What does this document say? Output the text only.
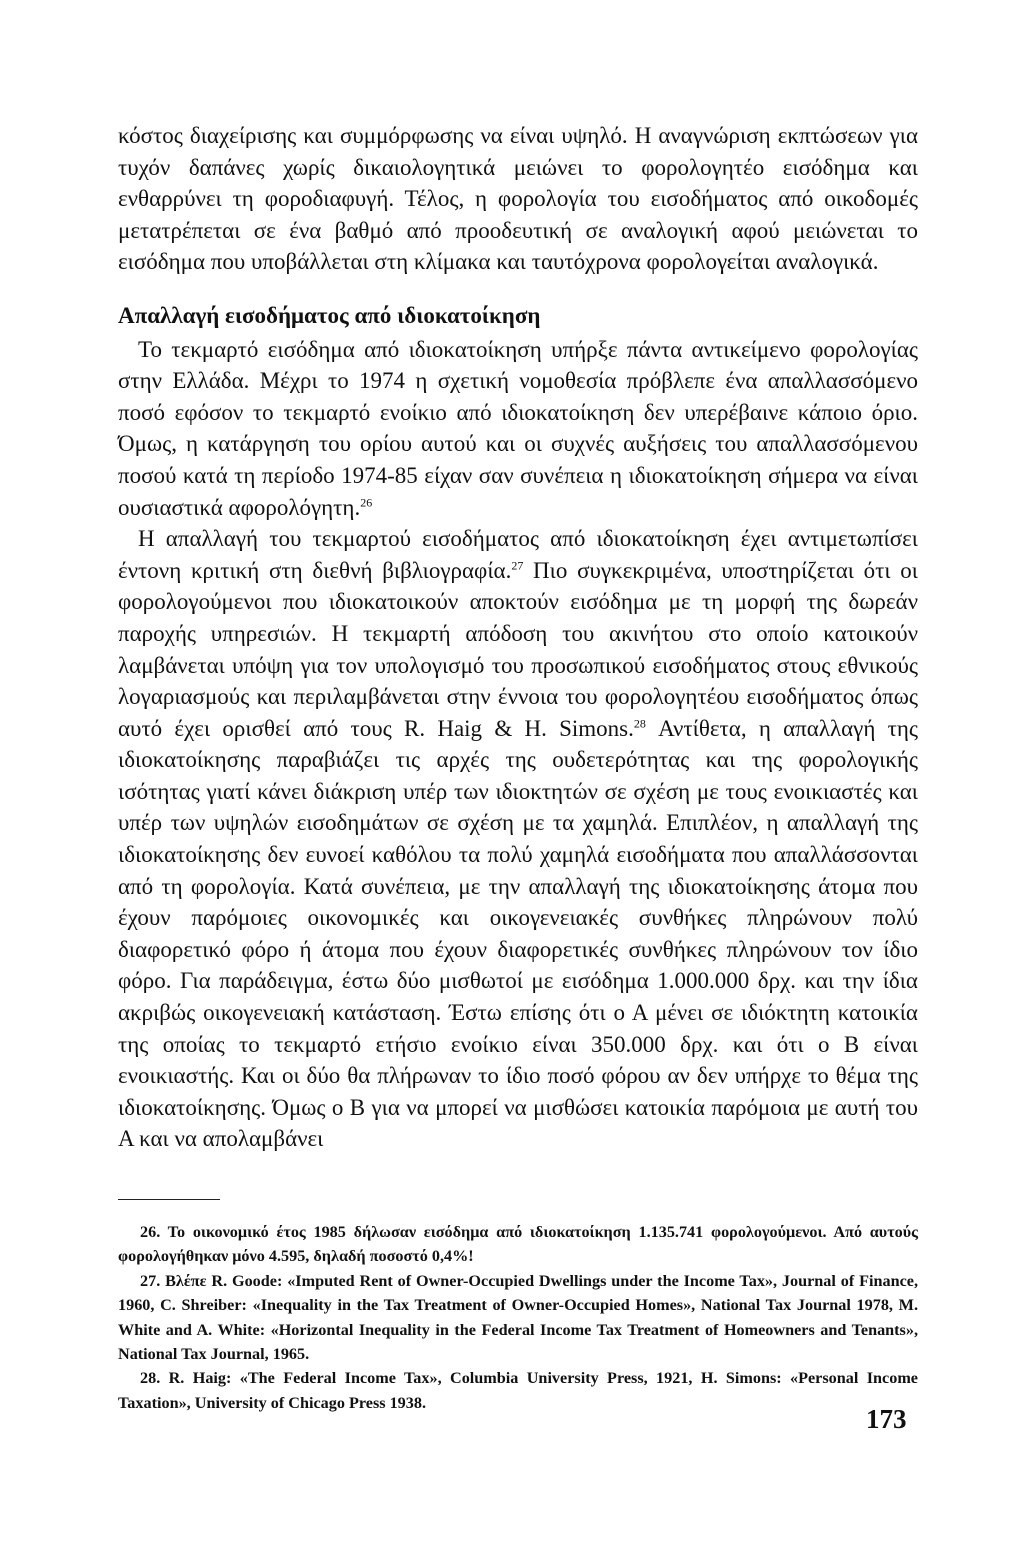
κόστος διαχείρισης και συμμόρφωσης να είναι υψηλό. Η αναγνώριση εκπτώσεων για τυχόν δαπάνες χωρίς δικαιολογητικά μειώνει το φορολογητέο εισόδημα και ενθαρρύνει τη φοροδιαφυγή. Τέλος, η φορολογία του εισοδήματος από οικοδομές μετατρέπεται σε ένα βαθμό από προοδευτική σε αναλογική αφού μειώνεται το εισόδημα που υποβάλλεται στη κλίμακα και ταυτόχρονα φορολογείται αναλογικά.

Απαλλαγή εισοδήματος από ιδιοκατοίκηση

Το τεκμαρτό εισόδημα από ιδιοκατοίκηση υπήρξε πάντα αντικείμενο φορολογίας στην Ελλάδα. Μέχρι το 1974 η σχετική νομοθεσία πρόβλεπε ένα απαλλασσόμενο ποσό εφόσον το τεκμαρτό ενοίκιο από ιδιοκατοίκηση δεν υπερέβαινε κάποιο όριο. Όμως, η κατάργηση του ορίου αυτού και οι συχνές αυξήσεις του απαλλασσόμενου ποσού κατά τη περίοδο 1974-85 είχαν σαν συνέπεια η ιδιοκατοίκηση σήμερα να είναι ουσιαστικά αφορολόγητη.$^{26}$

Η απαλλαγή του τεκμαρτού εισοδήματος από ιδιοκατοίκηση έχει αντιμετωπίσει έντονη κριτική στη διεθνή βιβλιογραφία.$^{27}$ Πιο συγκεκριμένα, υποστηρίζεται ότι οι φορολογούμενοι που ιδιοκατοικούν αποκτούν εισόδημα με τη μορφή της δωρεάν παροχής υπηρεσιών. Η τεκμαρτή απόδοση του ακινήτου στο οποίο κατοικούν λαμβάνεται υπόψη για τον υπολογισμό του προσωπικού εισοδήματος στους εθνικούς λογαριασμούς και περιλαμβάνεται στην έννοια του φορολογητέου εισοδήματος όπως αυτό έχει ορισθεί από τους R. Haig & H. Simons.$^{28}$ Αντίθετα, η απαλλαγή της ιδιοκατοίκησης παραβιάζει τις αρχές της ουδετερότητας και της φορολογικής ισότητας γιατί κάνει διάκριση υπέρ των ιδιοκτητών σε σχέση με τους ενοικιαστές και υπέρ των υψηλών εισοδημάτων σε σχέση με τα χαμηλά. Επιπλέον, η απαλλαγή της ιδιοκατοίκησης δεν ευνοεί καθόλου τα πολύ χαμηλά εισοδήματα που απαλλάσσονται από τη φορολογία. Κατά συνέπεια, με την απαλλαγή της ιδιοκατοίκησης άτομα που έχουν παρόμοιες οικονομικές και οικογενειακές συνθήκες πληρώνουν πολύ διαφορετικό φόρο ή άτομα που έχουν διαφορετικές συνθήκες πληρώνουν τον ίδιο φόρο. Για παράδειγμα, έστω δύο μισθωτοί με εισόδημα 1.000.000 δρχ. και την ίδια ακριβώς οικογενειακή κατάσταση. Έστω επίσης ότι ο Α μένει σε ιδιόκτητη κατοικία της οποίας το τεκμαρτό ετήσιο ενοίκιο είναι 350.000 δρχ. και ότι ο Β είναι ενοικιαστής. Και οι δύο θα πλήρωναν το ίδιο ποσό φόρου αν δεν υπήρχε το θέμα της ιδιοκατοίκησης. Όμως ο Β για να μπορεί να μισθώσει κατοικία παρόμοια με αυτή του Α και να απολαμβάνει

26. Το οικονομικό έτος 1985 δήλωσαν εισόδημα από ιδιοκατοίκηση 1.135.741 φορολογούμενοι. Από αυτούς φορολογήθηκαν μόνο 4.595, δηλαδή ποσοστό 0,4%!

27. Βλέπε R. Goode: «Imputed Rent of Owner-Occupied Dwellings under the Income Tax», Journal of Finance, 1960, C. Shreiber: «Inequality in the Tax Treatment of Owner-Occupied Homes», National Tax Journal 1978, M. White and A. White: «Horizontal Inequality in the Federal Income Tax Treatment of Homeowners and Tenants», National Tax Journal, 1965.

28. R. Haig: «The Federal Income Tax», Columbia University Press, 1921, H. Simons: «Personal Income Taxation», University of Chicago Press 1938.

173
